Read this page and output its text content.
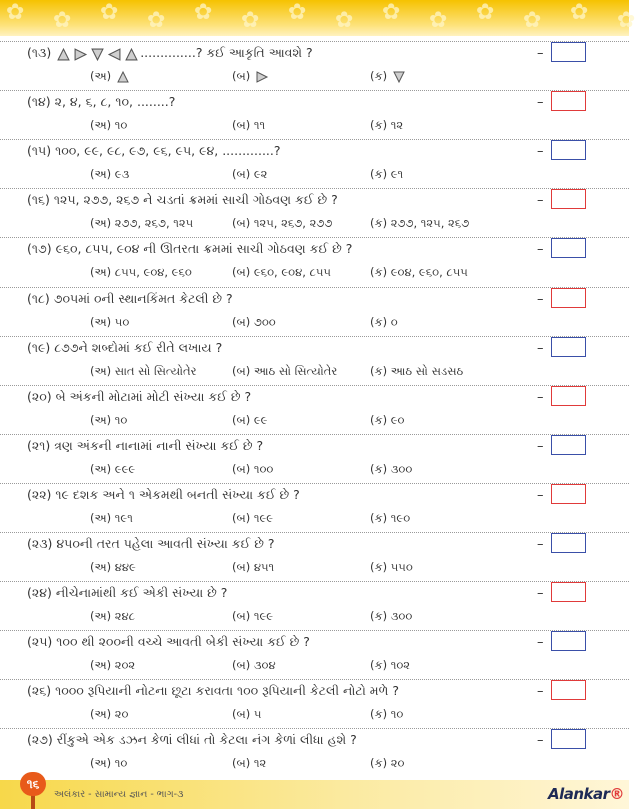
✿ ✿ ✿ ✿ ✿ ✿ ✿ ✿ ✿ ✿ ✿ ✿ ✿ ✿
(૧૩)	..............? કઈ આકૃતિ આવશે ?
(અ)	(બ)	(ક)
–
(૧૪) ૨, ૪, ૬, ૮, ૧૦, ........?
(અ) ૧૦	(બ) ૧૧	(ક) ૧૨
–
(૧૫) ૧૦૦, ૯૯, ૯૮, ૯૭, ૯૬, ૯૫, ૯૪, .............?
(અ) ૯૩	(બ) ૯૨	(ક) ૯૧
–
(૧૬) ૧૨૫, ૨૭૭, ૨૬૭ ને ચડતાં ક્રમમાં સાચી ગોઠવણ કઈ છે ?
(અ) ૨૭૭, ૨૬૭, ૧૨૫	(બ) ૧૨૫, ૨૬૭, ૨૭૭	(ક) ૨૭૭, ૧૨૫, ૨૬૭
–
(૧૭) ૯૬૦, ૮૫૫, ૯૦૪ ની ઊતરતા ક્રમમાં સાચી ગોઠવણ કઈ છે ?
(અ) ૮૫૫, ૯૦૪, ૯૬૦	(બ) ૯૬૦, ૯૦૪, ૮૫૫	(ક) ૯૦૪, ૯૬૦, ૮૫૫
–
(૧૮) ૭૦૫માં ૦ની સ્થાનકિંમત કેટલી છે ?
(અ) ૫૦	(બ) ૭૦૦	(ક) ૦
–
(૧૯) ૮૭૭ને શબ્દોમાં કઈ રીતે લખાય ?
(અ) સાત સો સિત્યોતેર	(બ) આઠ સો સિત્યોતેર	(ક) આઠ સો સડસઠ
–
(૨૦) બે અંકની મોટામાં મોટી સંખ્યા કઈ છે ?
(અ) ૧૦	(બ) ૯૯	(ક) ૯૦
–
(૨૧) ત્રણ અંકની નાનામાં નાની સંખ્યા કઈ છે ?
(અ) ૯૯૯	(બ) ૧૦૦	(ક) ૩૦૦
–
(૨૨) ૧૯ દશક અને ૧ એકમથી બનતી સંખ્યા કઈ છે ?
(અ) ૧૯૧	(બ) ૧૯૯	(ક) ૧૯૦
–
(૨૩) ૪૫૦ની તરત પહેલા આવતી સંખ્યા કઈ છે ?
(અ) ૪૪૯	(બ) ૪૫૧	(ક) ૫૫૦
–
(૨૪) નીચેનામાંથી કઈ એકી સંખ્યા છે ?
(અ) ૨૪૮	(બ) ૧૯૯	(ક) ૩૦૦
–
(૨૫) ૧૦૦ થી ૨૦૦ની વચ્ચે આવતી બેકી સંખ્યા કઈ છે ?
(અ) ૨૦૨	(બ) ૩૦૪	(ક) ૧૦૨
–
(૨૬) ૧૦૦૦ રૂપિયાની નોટના છૂટા કરાવતા ૧૦૦ રૂપિયાની કેટલી નોટો મળે ?
(અ) ૨૦	(બ) ૫	(ક) ૧૦
–
(૨૭) રીંકુએ એક ડઝન કેળાં લીધાં તો કેટલા નંગ કેળાં લીધા હશે ?
(અ) ૧૦	(બ) ૧૨	(ક) ૨૦
–
૧૬
અલંકાર - સામાન્ય જ્ઞાન - ભાગ-૩	Alankar®
